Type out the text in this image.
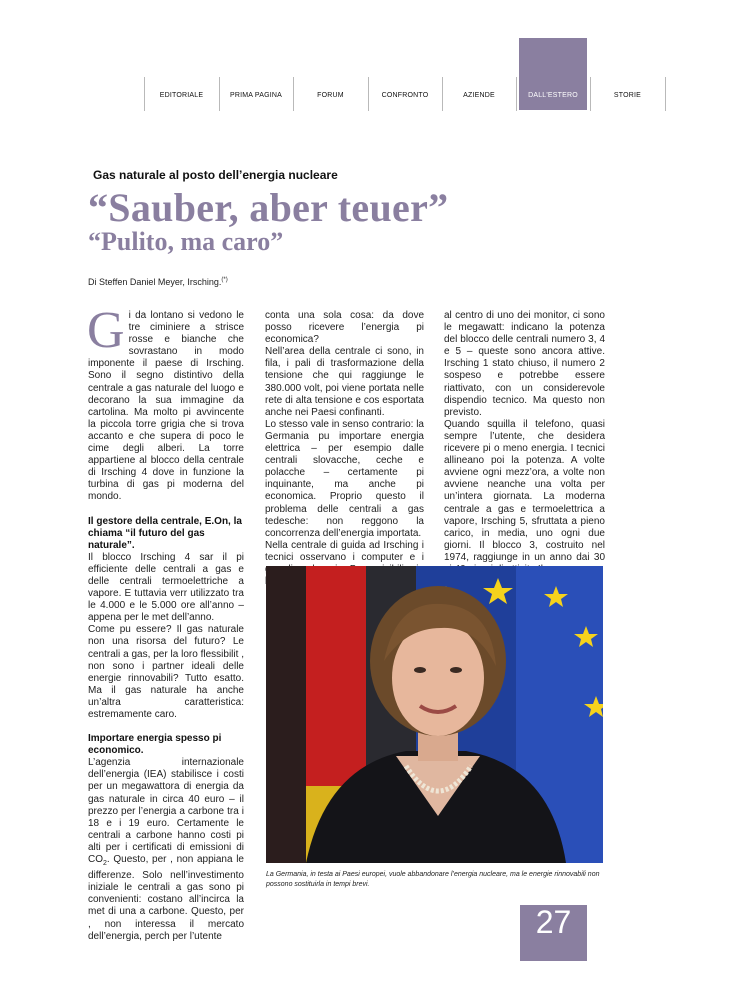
EDITORIALE	PRIMA PAGINA	FORUM	CONFRONTO	AZIENDE	DALL'ESTERO	STORIE
Gas naturale al posto dell’energia nucleare
“Sauber, aber teuer”
“Pulito, ma caro”
Di Steffen Daniel Meyer, Irsching.(*)

Gi da lontano si vedono le tre ciminiere a strisce rosse e bianche che sovrastano in modo imponente il paese di Irsching. Sono il segno distintivo della centrale a gas naturale del luogo e decorano la sua immagine da cartolina. Ma molto pi avvincente la piccola torre grigia che si trova accanto e che supera di poco le cime degli alberi. La torre appartiene al blocco della centrale di Irsching 4 dove in funzione la turbina di gas pi moderna del mondo.

Il gestore della centrale, E.On, la chiama “il futuro del gas naturale”.

Il blocco Irsching 4 sar il pi efficiente delle centrali a gas e delle centrali termoelettriche a vapore. E tuttavia verr utilizzato tra le 4.000 e le 5.000 ore all’anno – appena per le met dell’anno.

Come pu essere? Il gas naturale non una risorsa del futuro? Le centrali a gas, per la loro flessibilit , non sono i partner ideali delle energie rinnovabili? Tutto esatto. Ma il gas naturale ha anche un’altra caratteristica: estremamente caro.

Importare energia spesso pi economico.

L’agenzia internazionale dell’energia (IEA) stabilisce i costi per un megawattora di energia da gas naturale in circa 40 euro – il prezzo per l’energia a carbone tra i 18 e i 19 euro. Certamente le centrali a carbone hanno costi pi alti per i certificati di emissioni di $CO_2$. Questo, per , non appiana le differenze. Solo nell’investimento iniziale le centrali a gas sono pi convenienti: costano all’incirca la met di una a carbone. Questo, per , non interessa il mercato dell’energia, perch per l’utente

conta una sola cosa: da dove posso ricevere l’energia pi economica?

Nell’area della centrale ci sono, in fila, i pali di trasformazione della tensione che qui raggiunge le 380.000 volt, poi viene portata nelle rete di alta tensione e cos esportata anche nei Paesi confinanti.

Lo stesso vale in senso contrario: la Germania pu importare energia elettrica – per esempio dalle centrali slovacche, ceche e polacche – certamente pi inquinante, ma anche pi economica. Proprio questo il problema delle centrali a gas tedesche: non reggono la concorrenza dell’energia importata.

Nella centrale di guida ad Irsching i tecnici osservano i computer e i

al centro di uno dei monitor, ci sono le megawatt: indicano la potenza del blocco delle centrali numero 3, 4 e 5 – queste sono ancora attive. Irsching 1 stato chiuso, il numero 2 sospeso e potrebbe essere riattivato, con un considerevole dispendio tecnico. Ma questo non previsto.

Quando squilla il telefono, quasi sempre l’utente, che desidera ricevere pi o meno energia. I tecnici allineano poi la potenza. A volte avviene ogni mezz’ora, a volte non avviene neanche una volta per un’intera giornata. La moderna centrale a gas e termoelettrica a vapore, Irsching 5, sfruttata a pieno carico, in media, uno ogni due giorni. Il blocco 3, costruito nel 1974, raggiunge in un anno dai 30

La Germania, in testa ai Paesi europei, vuole abbandonare l’energia nucleare, ma le energie rinnovabili non possono sostituirla in tempi brevi.
27
